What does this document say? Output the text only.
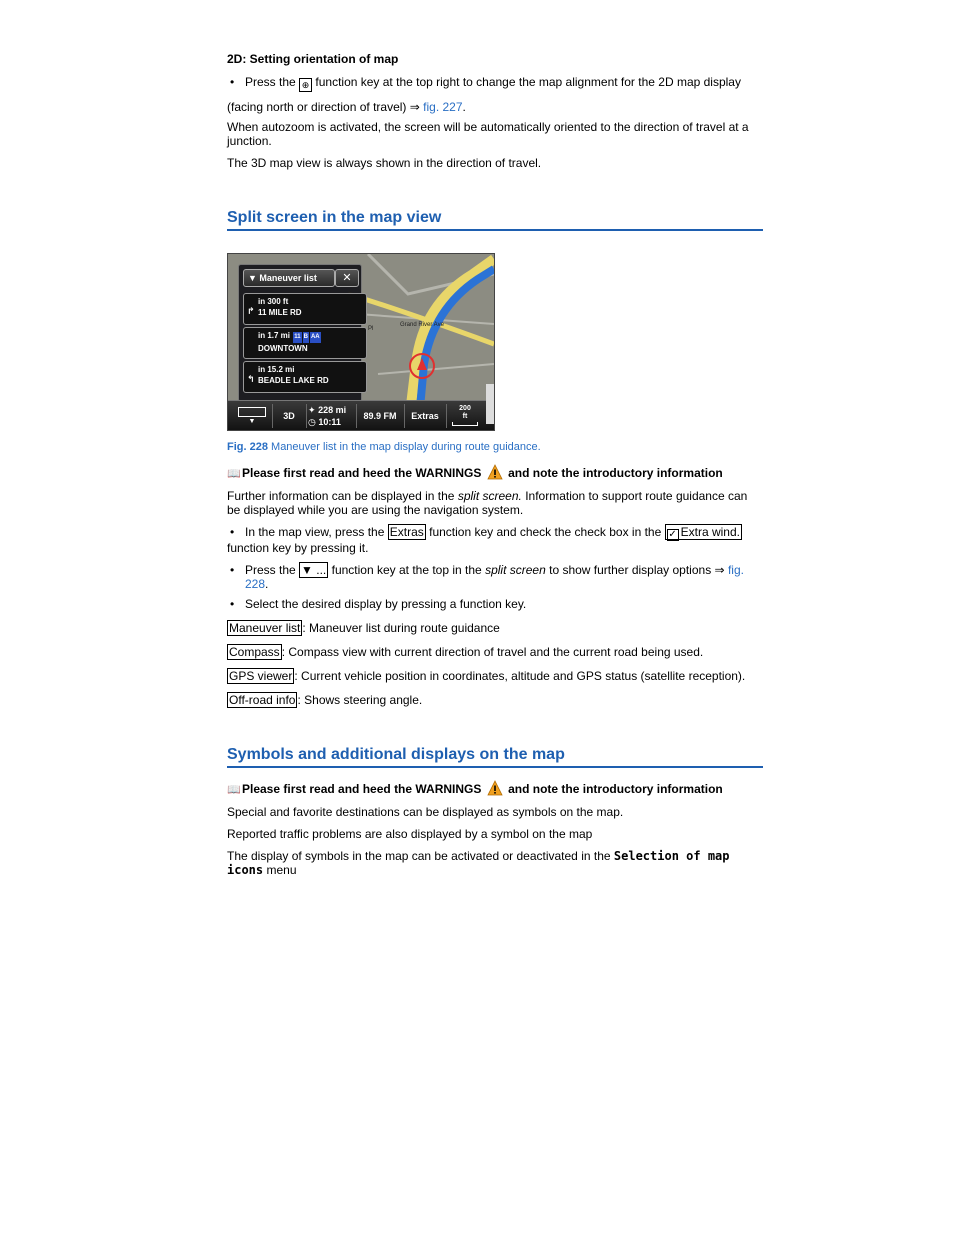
2D: Setting orientation of map

• Press the ⊕ function key at the top right to change the map alignment for the 2D map display

(facing north or direction of travel) ⇒ fig. 227.

When autozoom is activated, the screen will be automatically oriented to the direction of travel at a junction.

The 3D map view is always shown in the direction of travel.

Split screen in the map view
Grand River Ave
Pl
▼ Maneuver list	✕
↱
in 300 ft
11 MILE RD
in 1.7 mi 11 B AA
DOWNTOWN
↰
in 15.2 mi
BEADLE LAKE RD
▼
3D
✦ 228 mi
◷ 10:11
89.9 FM	Extras
200
ft

Fig. 228 Maneuver list in the map display during route guidance.

📖Please first read and heed the WARNINGS and note the introductory information

Further information can be displayed in the split screen. Information to support route guidance can be displayed while you are using the navigation system.

• In the map view, press the Extras function key and check the check box in the ✓ Extra wind.

function key by pressing it.

• Press the ▼ ... function key at the top in the split screen to show further display options ⇒ fig. 228.

• Select the desired display by pressing a function key.

Maneuver list : Maneuver list during route guidance

Compass : Compass view with current direction of travel and the current road being used.

GPS viewer : Current vehicle position in coordinates, altitude and GPS status (satellite reception).

Off-road info : Shows steering angle.

Symbols and additional displays on the map

📖Please first read and heed the WARNINGS and note the introductory information

Special and favorite destinations can be displayed as symbols on the map.

Reported traffic problems are also displayed by a symbol on the map

The display of symbols in the map can be activated or deactivated in the Selection of map icons menu
